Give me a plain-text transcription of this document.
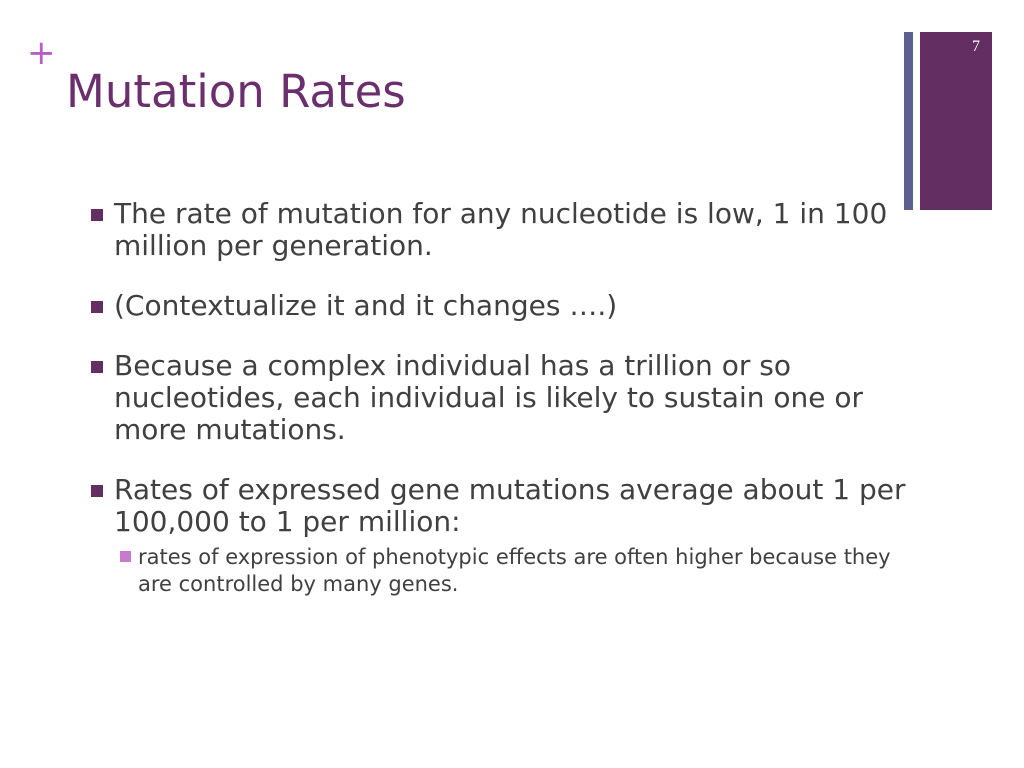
+
Mutation Rates
7
The rate of mutation for any nucleotide is low, 1 in 100 million per generation.
(Contextualize it and it changes ….)
Because a complex individual has a trillion or so nucleotides, each individual is likely to sustain one or more mutations.
Rates of expressed gene mutations average about 1 per 100,000 to 1 per million:
rates of expression of phenotypic effects are often higher because they are controlled by many genes.
